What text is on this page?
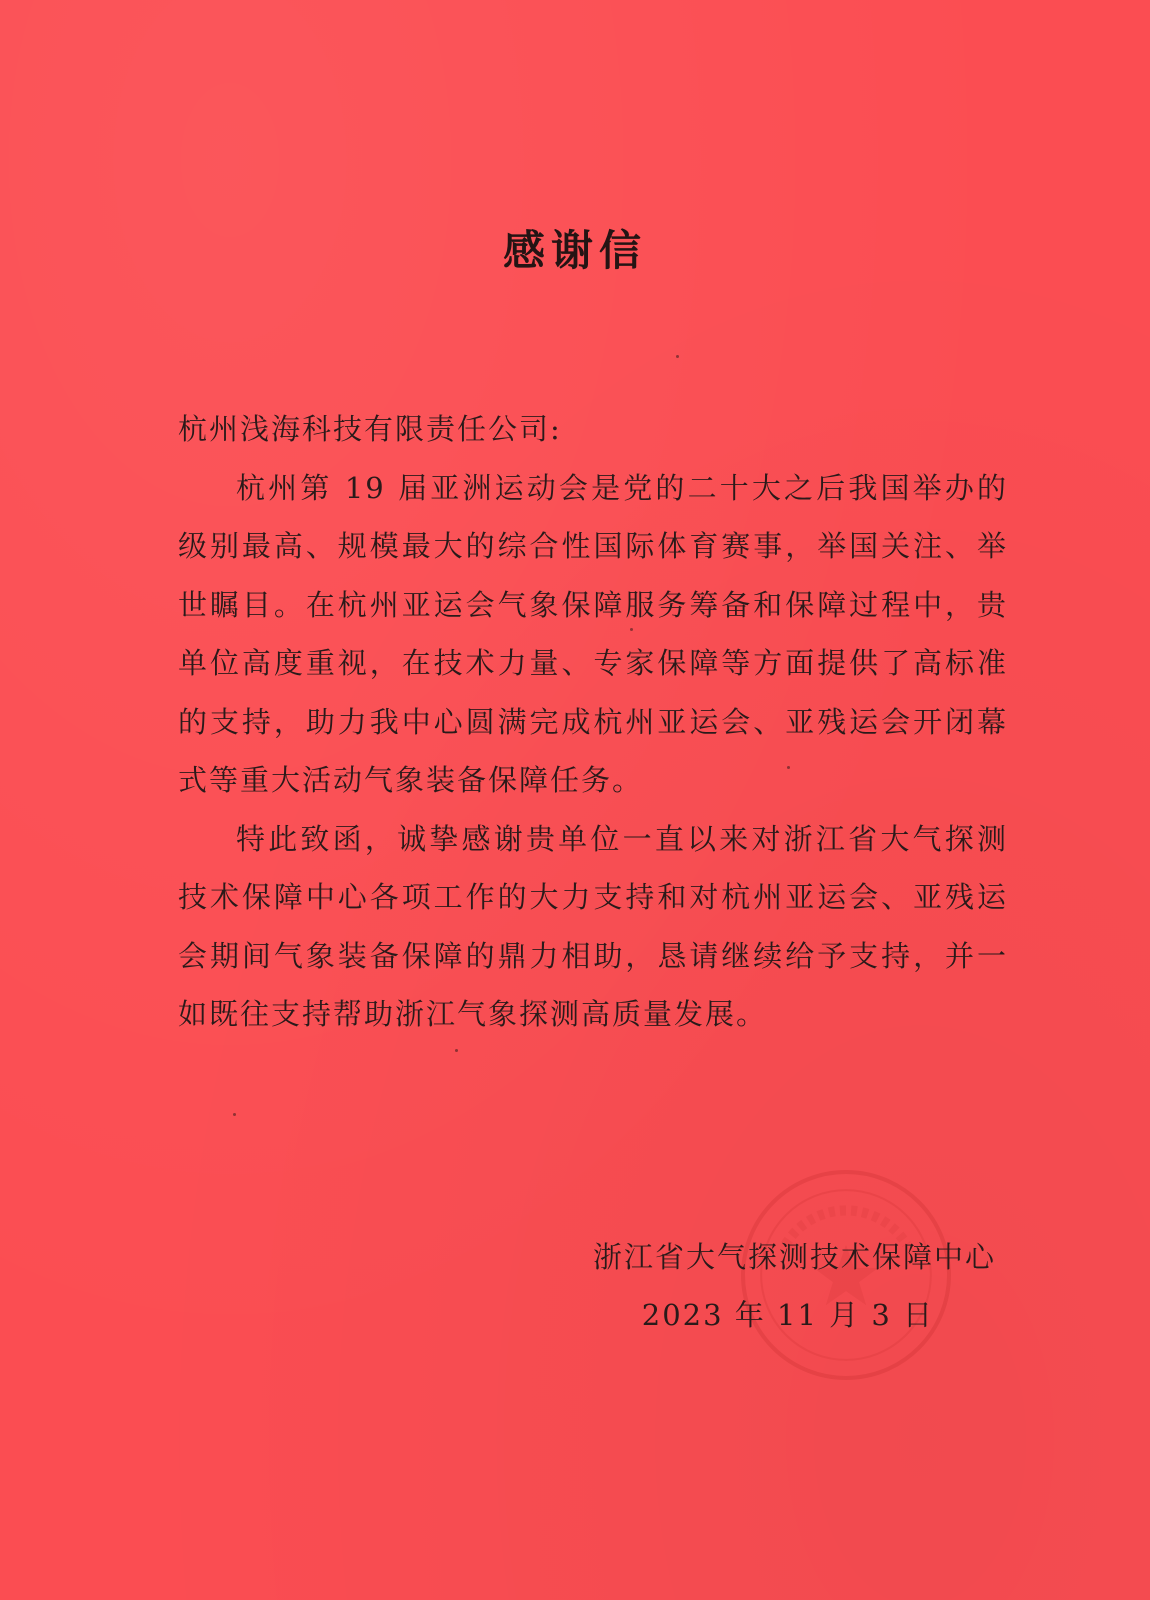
感谢信

杭州浅海科技有限责任公司:

杭州第 19 届亚洲运动会是党的二十大之后我国举办的级别最高、规模最大的综合性国际体育赛事，举国关注、举世瞩目。在杭州亚运会气象保障服务筹备和保障过程中，贵单位高度重视，在技术力量、专家保障等方面提供了高标准的支持，助力我中心圆满完成杭州亚运会、亚残运会开闭幕式等重大活动气象装备保障任务。

特此致函，诚挚感谢贵单位一直以来对浙江省大气探测技术保障中心各项工作的大力支持和对杭州亚运会、亚残运会期间气象装备保障的鼎力相助，恳请继续给予支持，并一如既往支持帮助浙江气象探测高质量发展。

浙江省大气探测技术保障中心
2023 年 11 月 3 日
